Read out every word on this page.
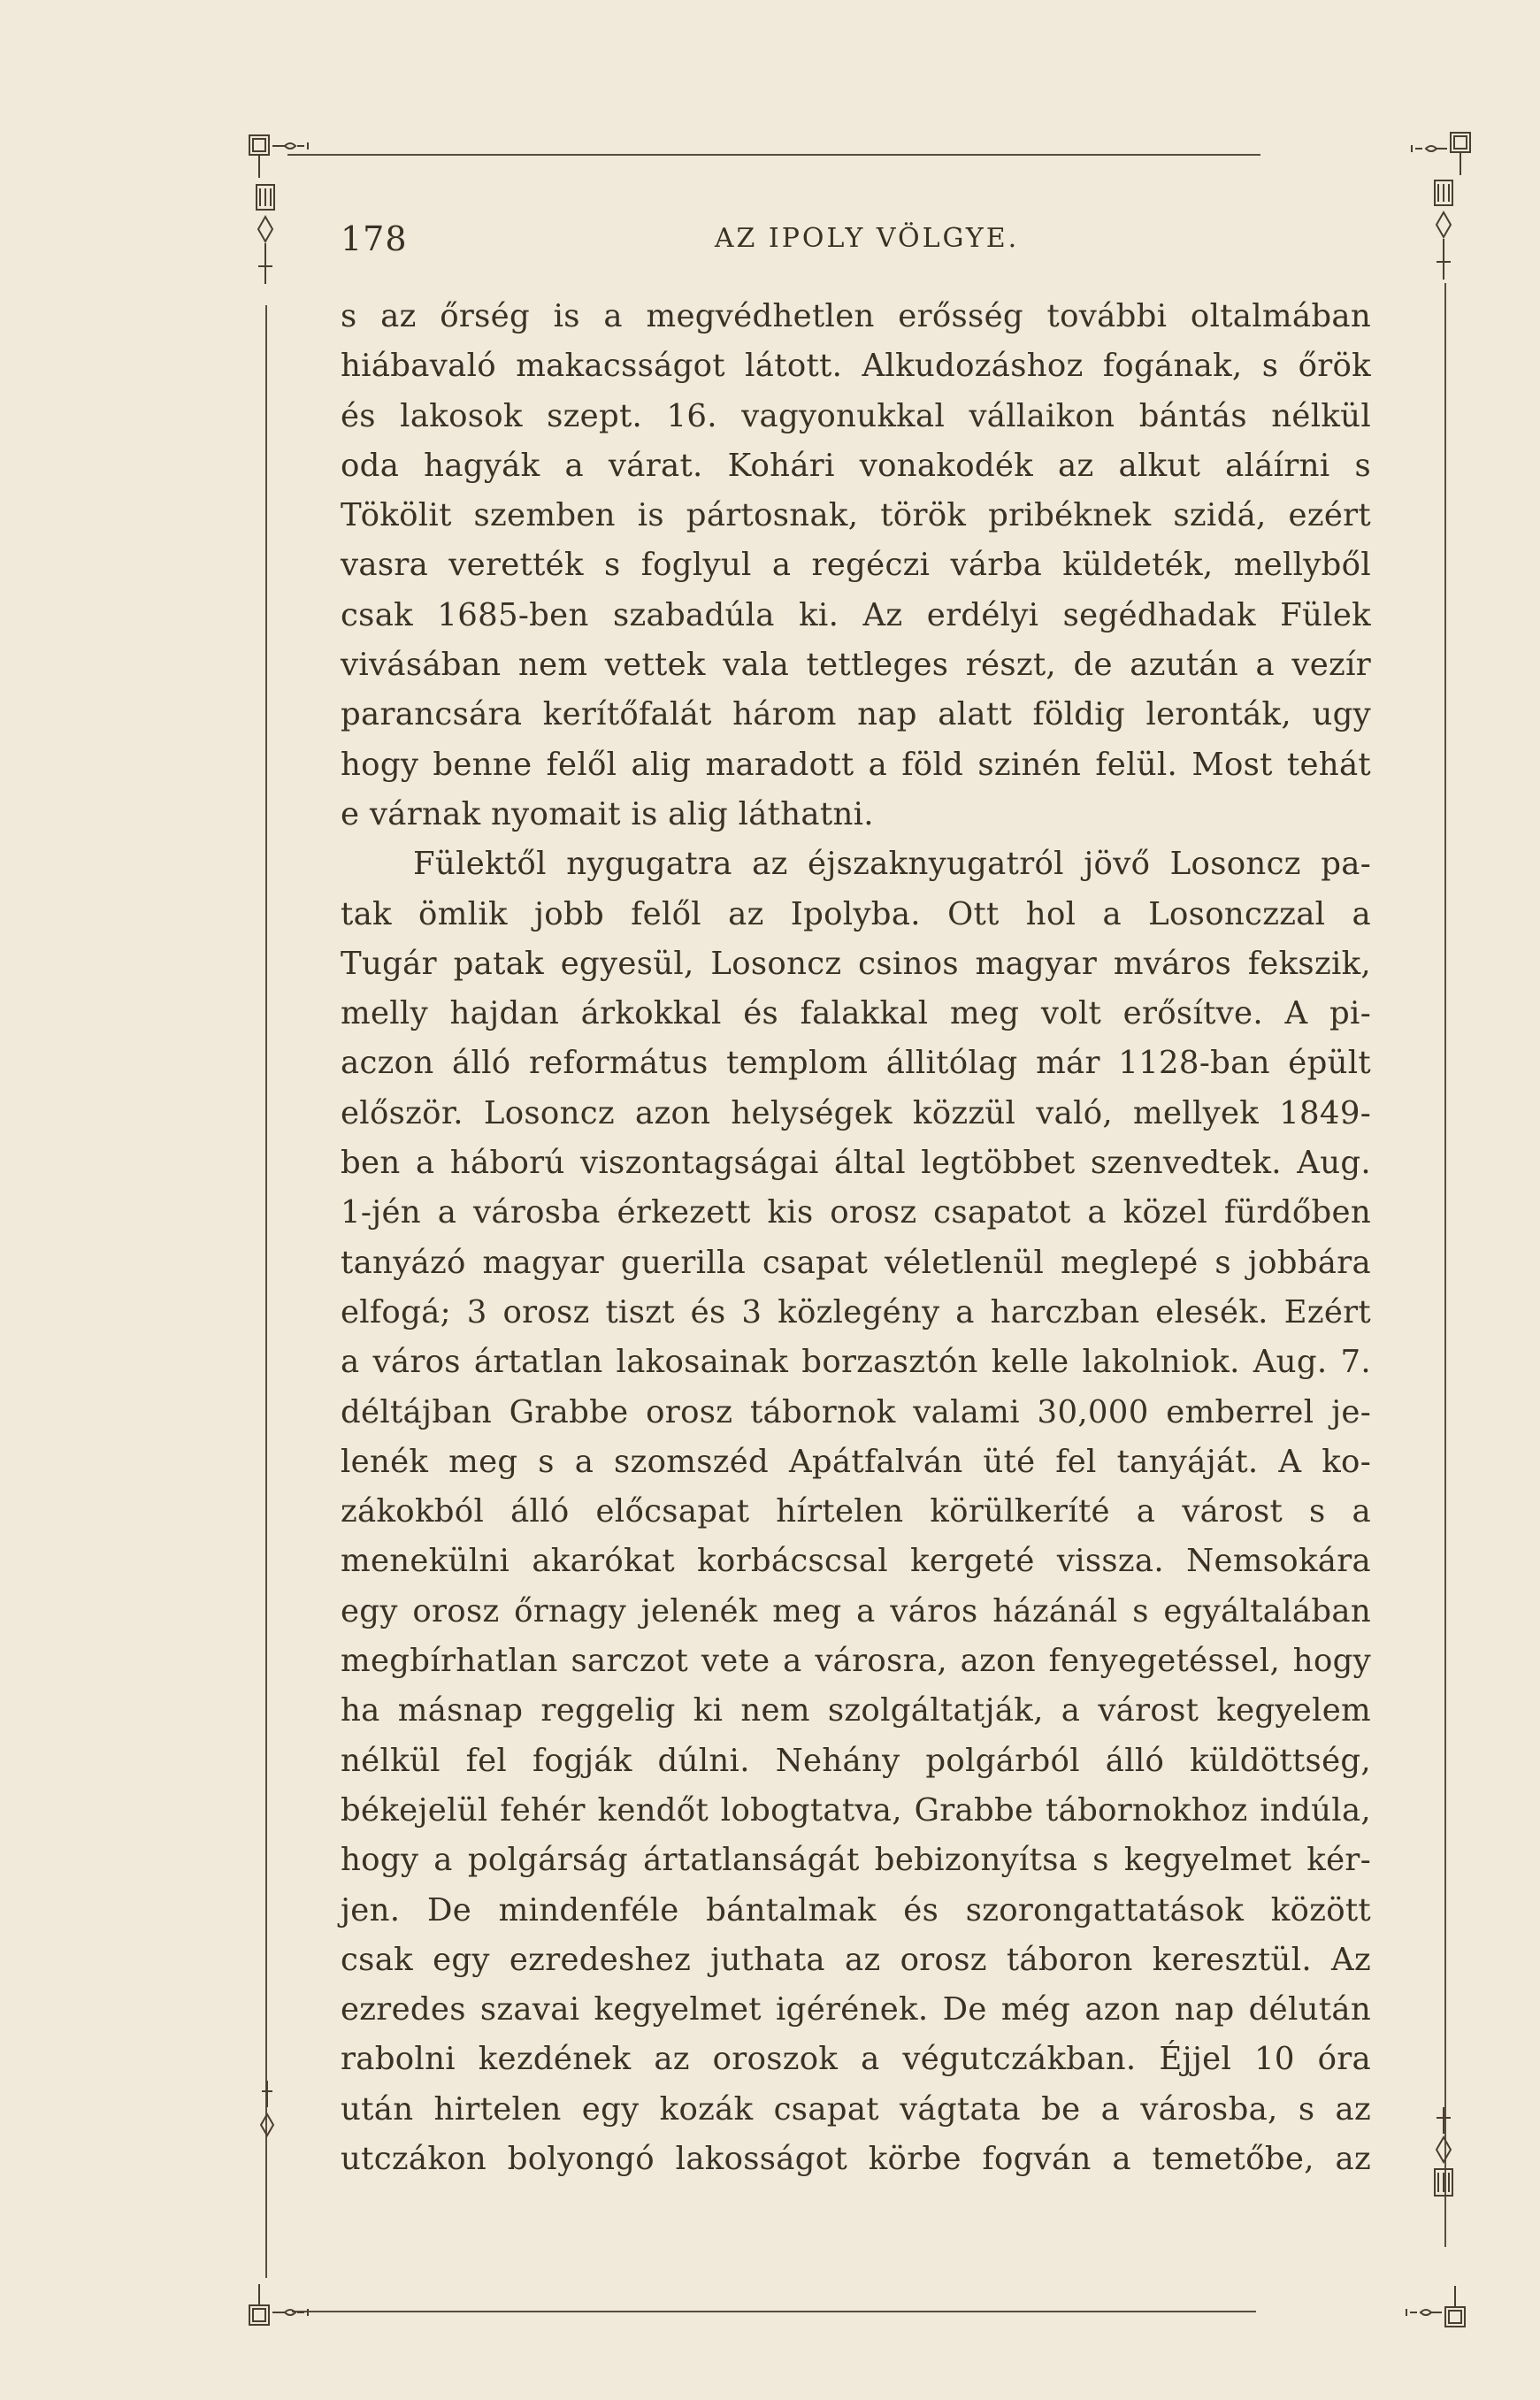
178	AZ IPOLY VÖLGYE.
s az őrség is a megvédhetlen erősség további oltalmában
hiábavaló makacsságot látott. Alkudozáshoz fogának, s őrök
és lakosok szept. 16. vagyonukkal vállaikon bántás nélkül
oda hagyák a várat. Kohári vonakodék az alkut aláírni s
Tökölit szemben is pártosnak, török pribéknek szidá, ezért
vasra verették s foglyul a regéczi várba küldeték, mellyből
csak 1685-ben szabadúla ki. Az erdélyi segédhadak Fülek
vivásában nem vettek vala tettleges részt, de azután a vezír
parancsára kerítőfalát három nap alatt földig leronták, ugy
hogy benne felől alig maradott a föld szinén felül. Most tehát
e várnak nyomait is alig láthatni.
Fülektől nygugatra az éjszaknyugatról jövő Losoncz pa-
tak ömlik jobb felől az Ipolyba. Ott hol a Losonczzal a
Tugár patak egyesül, Losoncz csinos magyar mváros fekszik,
melly hajdan árkokkal és falakkal meg volt erősítve. A pi-
aczon álló református templom állitólag már 1128-ban épült
először. Losoncz azon helységek közzül való, mellyek 1849-
ben a háború viszontagságai által legtöbbet szenvedtek. Aug.
1-jén a városba érkezett kis orosz csapatot a közel fürdőben
tanyázó magyar guerilla csapat véletlenül meglepé s jobbára
elfogá; 3 orosz tiszt és 3 közlegény a harczban elesék. Ezért
a város ártatlan lakosainak borzasztón kelle lakolniok. Aug. 7.
déltájban Grabbe orosz tábornok valami 30,000 emberrel je-
lenék meg s a szomszéd Apátfalván üté fel tanyáját. A ko-
zákokból álló előcsapat hírtelen körülkeríté a várost s a
menekülni akarókat korbácscsal kergeté vissza. Nemsokára
egy orosz őrnagy jelenék meg a város házánál s egyáltalában
megbírhatlan sarczot vete a városra, azon fenyegetéssel, hogy
ha másnap reggelig ki nem szolgáltatják, a várost kegyelem
nélkül fel fogják dúlni. Nehány polgárból álló küldöttség,
békejelül fehér kendőt lobogtatva, Grabbe tábornokhoz indúla,
hogy a polgárság ártatlanságát bebizonyítsa s kegyelmet kér-
jen. De mindenféle bántalmak és szorongattatások között
csak egy ezredeshez juthata az orosz táboron keresztül. Az
ezredes szavai kegyelmet igérének. De még azon nap délután
rabolni kezdének az oroszok a végutczákban. Éjjel 10 óra
után hirtelen egy kozák csapat vágtata be a városba, s az
utczákon bolyongó lakosságot körbe fogván a temetőbe, az
